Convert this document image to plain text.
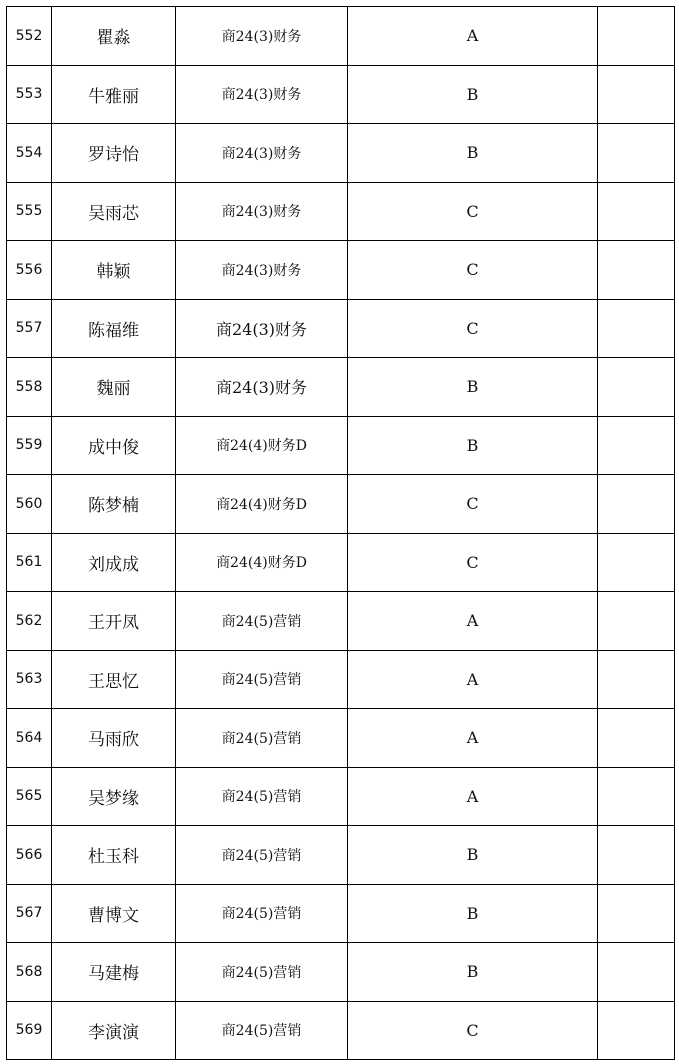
552	瞿淼	商24(3)财务	A	
553	牛雅丽	商24(3)财务	B	
554	罗诗怡	商24(3)财务	B	
555	吴雨芯	商24(3)财务	C	
556	韩颖	商24(3)财务	C	
557	陈福维	商24(3)财务	C	
558	魏丽	商24(3)财务	B	
559	成中俊	商24(4)财务D	B	
560	陈梦楠	商24(4)财务D	C	
561	刘成成	商24(4)财务D	C	
562	王开凤	商24(5)营销	A	
563	王思忆	商24(5)营销	A	
564	马雨欣	商24(5)营销	A	
565	吴梦缘	商24(5)营销	A	
566	杜玉科	商24(5)营销	B	
567	曹博文	商24(5)营销	B	
568	马建梅	商24(5)营销	B	
569	李演演	商24(5)营销	C	
